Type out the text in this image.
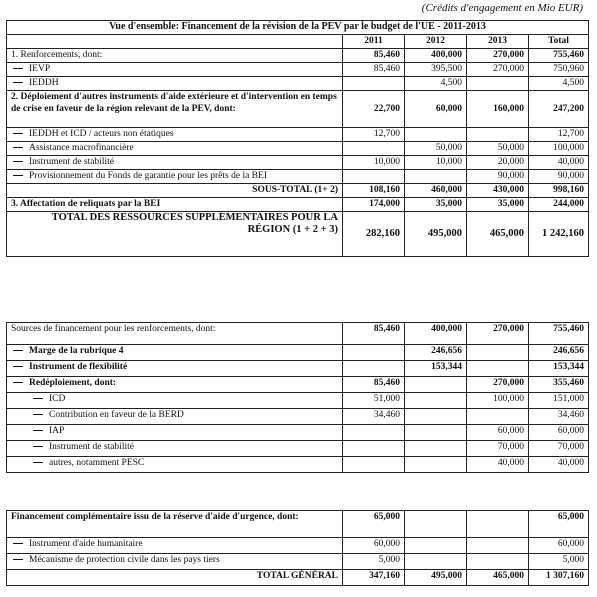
(Crédits d'engagement en Mio EUR)
Vue d'ensemble: Financement de la révision de la PEV par le budget de l'UE - 2011-2013				
	2011	2012	2013	Total
1. Renforcements, dont:	85,460	400,000	270,000	755,460
IEVP	85,460	395,500	270,000	750,960
IEDDH		4,500		4,500
2. Déploiement d'autres instruments d'aide extérieure et d'intervention en temps de crise en faveur de la région relevant de la PEV, dont:	22,700	60,000	160,000	247,200
IEDDH et ICD / acteurs non étatiques	12,700			12,700
Assistance macrofinancière		50,000	50,000	100,000
Instrument de stabilité	10,000	10,000	20,000	40,000
Provisionnement du Fonds de garantie pour les prêts de la BEI			90,000	90,000
SOUS-TOTAL (1+ 2)	108,160	460,000	430,000	998,160
3. Affectation de reliquats par la BEI	174,000	35,000	35,000	244,000
TOTAL DES RESSOURCES SUPPLÉMENTAIRES POUR LA RÉGION (1 + 2 + 3)	282,160	495,000	465,000	1 242,160
Sources de financement pour les renforcements, dont:	85,460	400,000	270,000	755,460
Marge de la rubrique 4		246,656		246,656
Instrument de flexibilité		153,344		153,344
Redéploiement, dont:	85,460		270,000	355,460
ICD	51,000		100,000	151,000
Contribution en faveur de la BERD	34,460			34,460
IAP			60,000	60,000
Instrument de stabilité			70,000	70,000
autres, notamment PESC			40,000	40,000
Financement complémentaire issu de la réserve d'aide d'urgence, dont:	65,000			65,000
Instrument d'aide humanitaire	60,000			60,000
Mécanisme de protection civile dans les pays tiers	5,000			5,000
TOTAL GÉNÉRAL	347,160	495,000	465,000	1 307,160
